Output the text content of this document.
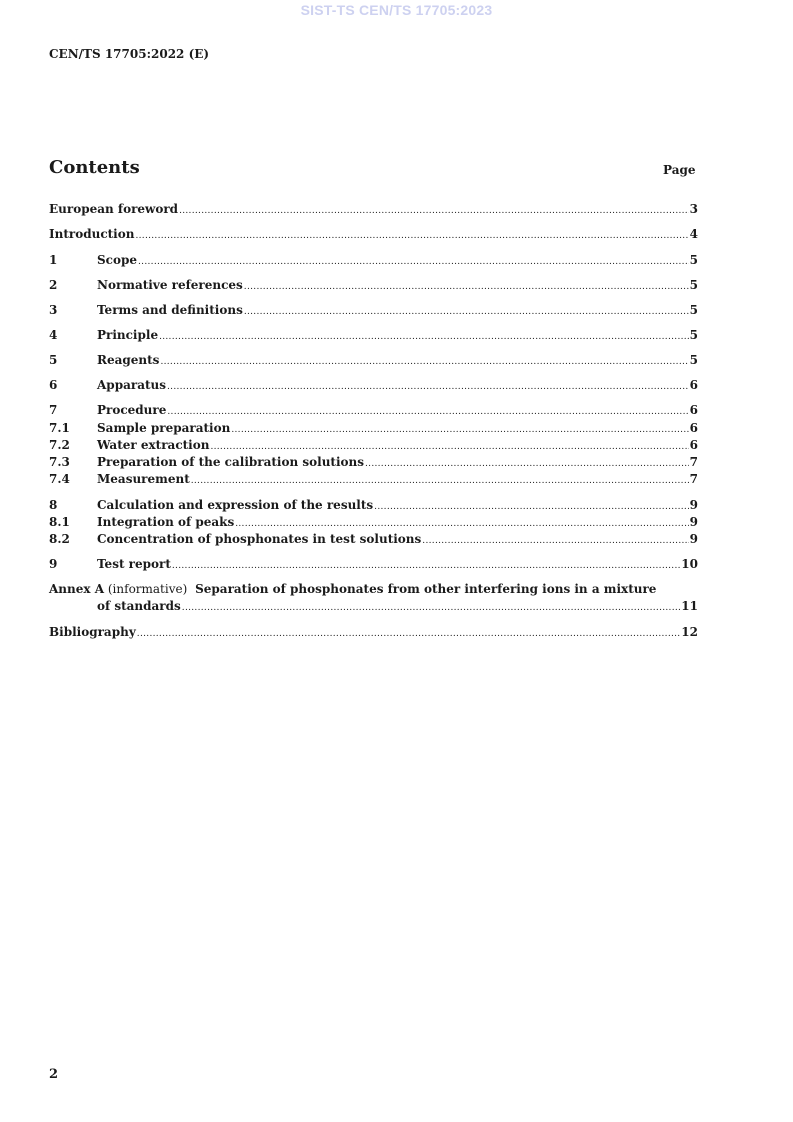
SIST-TS CEN/TS 17705:2023
CEN/TS 17705:2022 (E)
Contents	Page
European foreword .....	3
Introduction .....	4
1	Scope .....	5
2	Normative references .....	5
3	Terms and definitions .....	5
4	Principle .....	5
5	Reagents .....	5
6	Apparatus .....	6
7	Procedure .....	6
7.1	Sample preparation .....	6
7.2	Water extraction .....	6
7.3	Preparation of the calibration solutions .....	7
7.4	Measurement .....	7
8	Calculation and expression of the results .....	9
8.1	Integration of peaks .....	9
8.2	Concentration of phosphonates in test solutions .....	9
9	Test report .....	10
Annex A (informative) Separation of phosphonates from other interfering ions in a mixture
of standards .....	11
Bibliography .....	12
2
